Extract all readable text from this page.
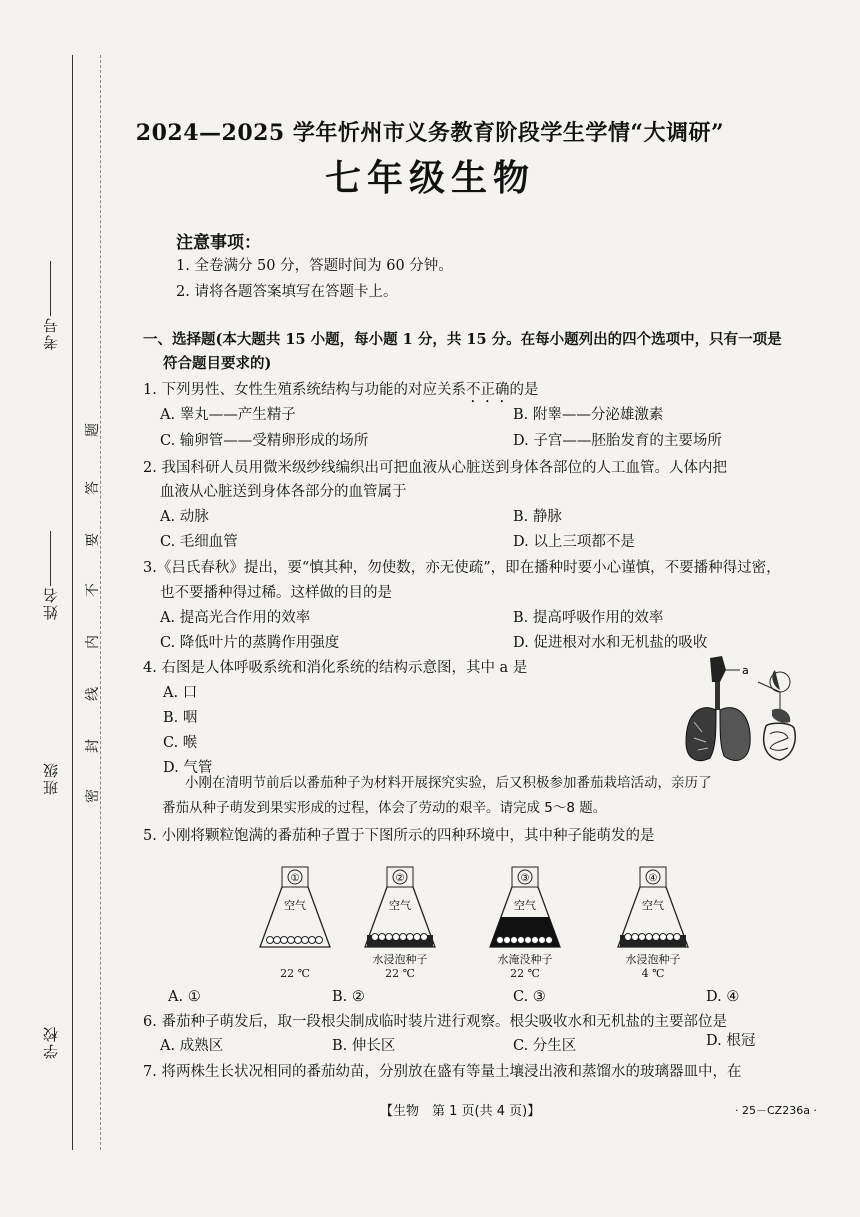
考号
姓名
班级
学校
题
答
要
不
内
线
封
密
2024—2025 学年忻州市义务教育阶段学生学情“大调研”
七年级生物
注意事项：
1. 全卷满分 50 分，答题时间为 60 分钟。
2. 请将各题答案填写在答题卡上。
一、选择题(本大题共 15 小题，每小题 1 分，共 15 分。在每小题列出的四个选项中，只有一项是
符合题目要求的)
1. 下列男性、女性生殖系统结构与功能的对应关系不正确的是
A. 睾丸——产生精子	B. 附睾——分泌雄激素
C. 输卵管——受精卵形成的场所	D. 子宫——胚胎发育的主要场所
2. 我国科研人员用微米级纱线编织出可把血液从心脏送到身体各部位的人工血管。人体内把
血液从心脏送到身体各部分的血管属于
A. 动脉	B. 静脉
C. 毛细血管	D. 以上三项都不是
3.《吕氏春秋》提出，要“慎其种，勿使数，亦无使疏”，即在播种时要小心谨慎，不要播种得过密，
也不要播种得过稀。这样做的目的是
A. 提高光合作用的效率	B. 提高呼吸作用的效率
C. 降低叶片的蒸腾作用强度	D. 促进根对水和无机盐的吸收
4. 右图是人体呼吸系统和消化系统的结构示意图，其中 a 是
A. 口
B. 咽
C. 喉
D. 气管
a
小刚在清明节前后以番茄种子为材料开展探究实验，后又积极参加番茄栽培活动，亲历了
番茄从种子萌发到果实形成的过程，体会了劳动的艰辛。请完成 5～8 题。
5. 小刚将颗粒饱满的番茄种子置于下图所示的四种环境中，其中种子能萌发的是
①
空气
②
空气
③
空气
④
空气

22 ℃
水浸泡种子
22 ℃
水淹没种子
22 ℃
水浸泡种子
4 ℃
A. ①	B. ②	C. ③	D. ④
6. 番茄种子萌发后，取一段根尖制成临时装片进行观察。根尖吸收水和无机盐的主要部位是
A. 成熟区	B. 伸长区	C. 分生区	D. 根冠
7. 将两株生长状况相同的番茄幼苗，分别放在盛有等量土壤浸出液和蒸馏水的玻璃器皿中，在
【生物　第 1 页(共 4 页)】	· 25－CZ236a ·
